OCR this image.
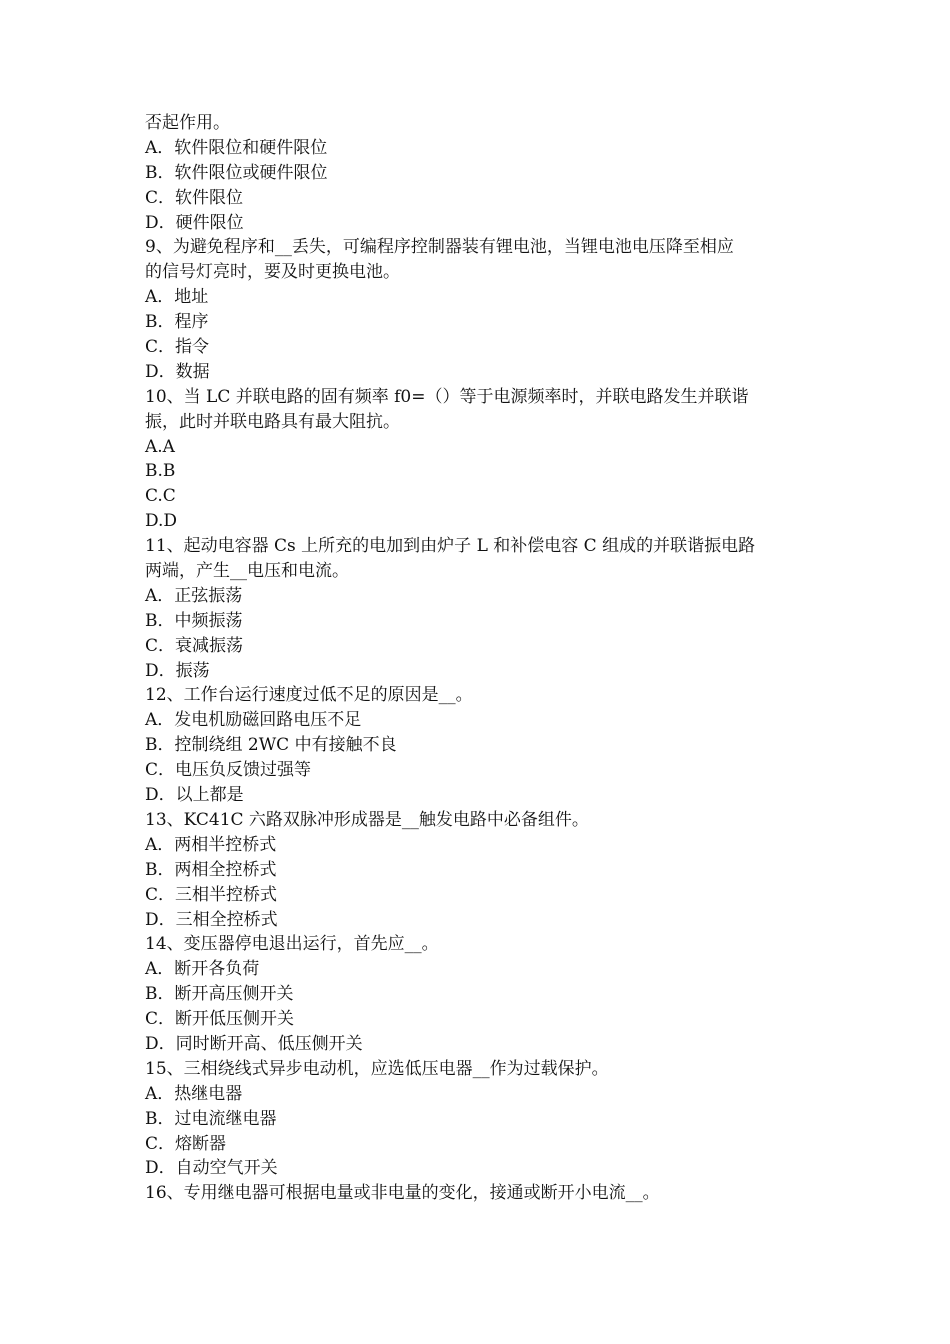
否起作用。
A．软件限位和硬件限位
B．软件限位或硬件限位
C．软件限位
D．硬件限位
9、为避免程序和__丢失，可编程序控制器装有锂电池，当锂电池电压降至相应
的信号灯亮时，要及时更换电池。
A．地址
B．程序
C．指令
D．数据
10、当 LC 并联电路的固有频率 f0=（）等于电源频率时，并联电路发生并联谐
振，此时并联电路具有最大阻抗。
A.A
B.B
C.C
D.D
11、起动电容器 Cs 上所充的电加到由炉子 L 和补偿电容 C 组成的并联谐振电路
两端，产生__电压和电流。
A．正弦振荡
B．中频振荡
C．衰减振荡
D．振荡
12、工作台运行速度过低不足的原因是__。
A．发电机励磁回路电压不足
B．控制绕组 2WC 中有接触不良
C．电压负反馈过强等
D．以上都是
13、KC41C 六路双脉冲形成器是__触发电路中必备组件。
A．两相半控桥式
B．两相全控桥式
C．三相半控桥式
D．三相全控桥式
14、变压器停电退出运行，首先应__。
A．断开各负荷
B．断开高压侧开关
C．断开低压侧开关
D．同时断开高、低压侧开关
15、三相绕线式异步电动机，应选低压电器__作为过载保护。
A．热继电器
B．过电流继电器
C．熔断器
D．自动空气开关
16、专用继电器可根据电量或非电量的变化，接通或断开小电流__。
